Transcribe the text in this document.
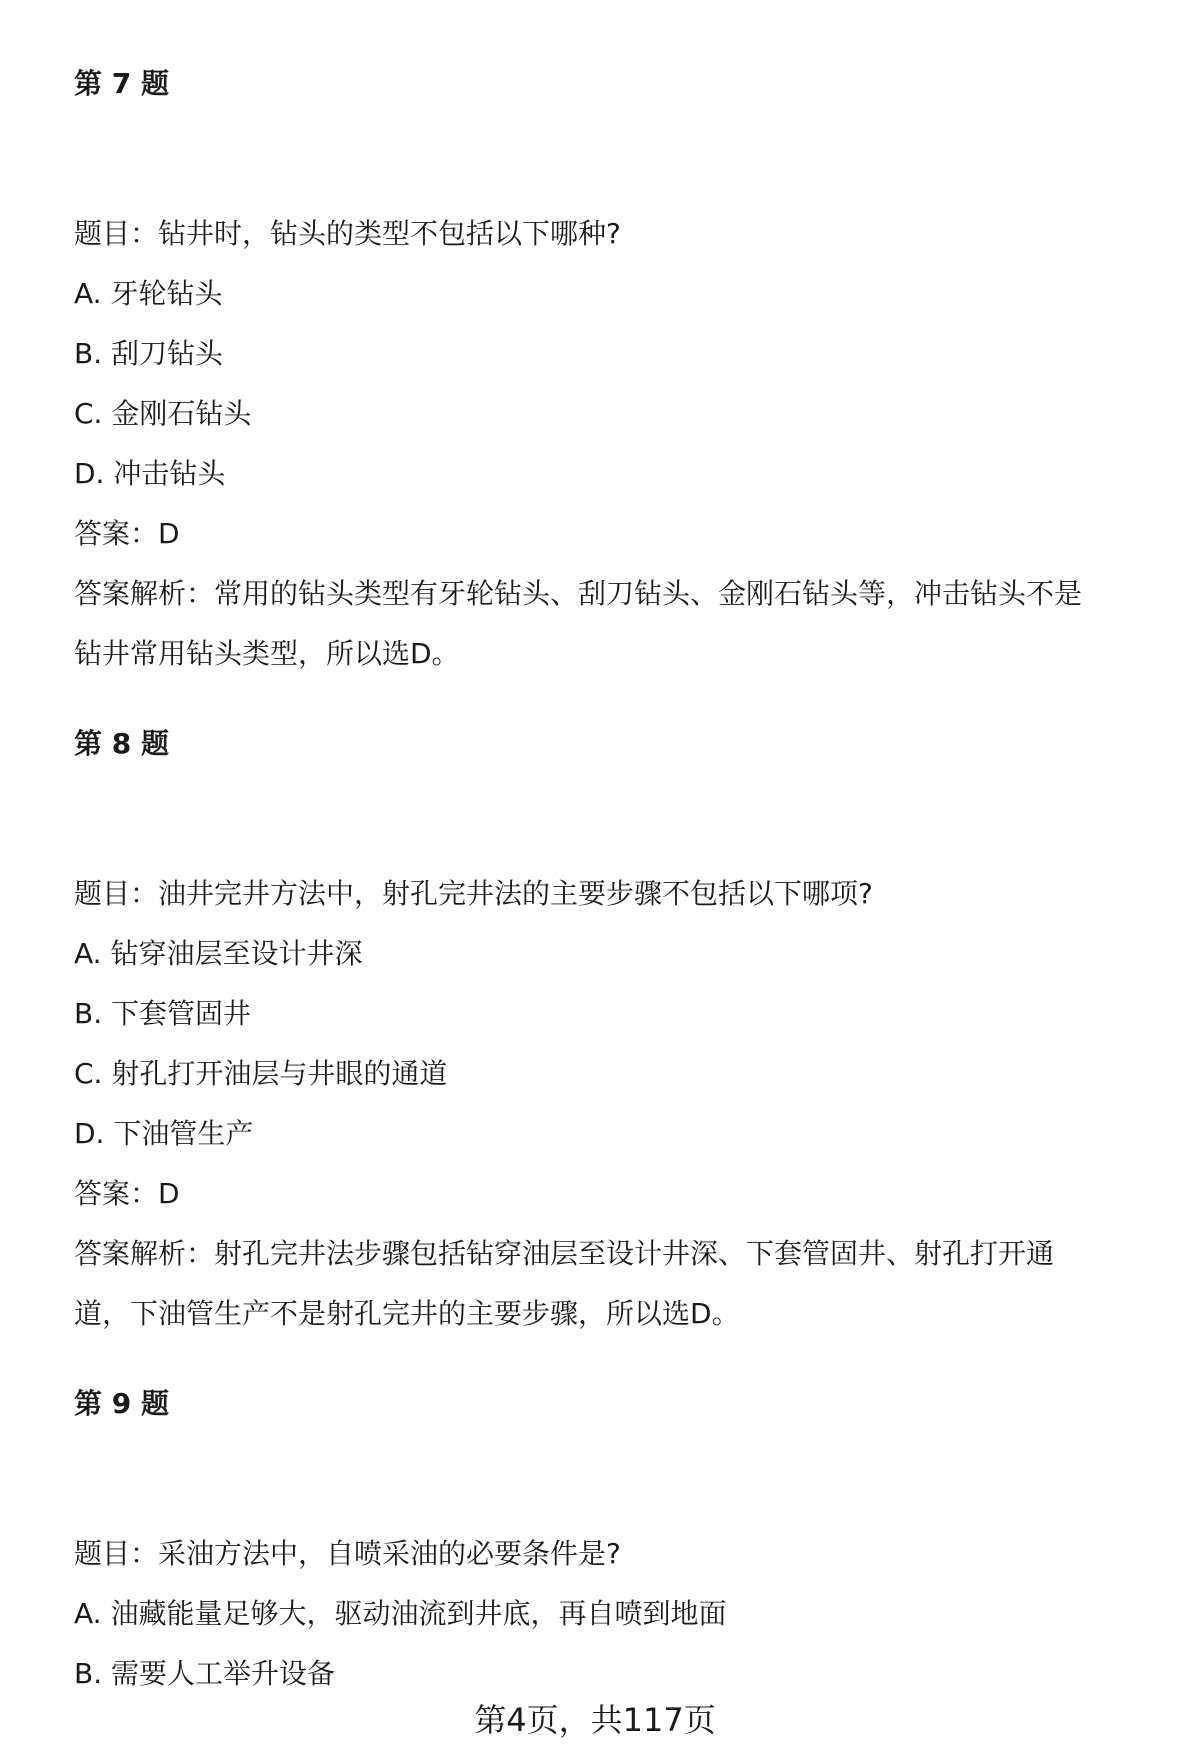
第 7 题
题目：钻井时，钻头的类型不包括以下哪种?
A. 牙轮钻头
B. 刮刀钻头
C. 金刚石钻头
D. 冲击钻头
答案：D
答案解析：常用的钻头类型有牙轮钻头、刮刀钻头、金刚石钻头等，冲击钻头不是
钻井常用钻头类型，所以选D。
第 8 题
题目：油井完井方法中，射孔完井法的主要步骤不包括以下哪项?
A. 钻穿油层至设计井深
B. 下套管固井
C. 射孔打开油层与井眼的通道
D. 下油管生产
答案：D
答案解析：射孔完井法步骤包括钻穿油层至设计井深、下套管固井、射孔打开通
道，下油管生产不是射孔完井的主要步骤，所以选D。
第 9 题
题目：采油方法中，自喷采油的必要条件是?
A. 油藏能量足够大，驱动油流到井底，再自喷到地面
B. 需要人工举升设备
第4页，共117页
